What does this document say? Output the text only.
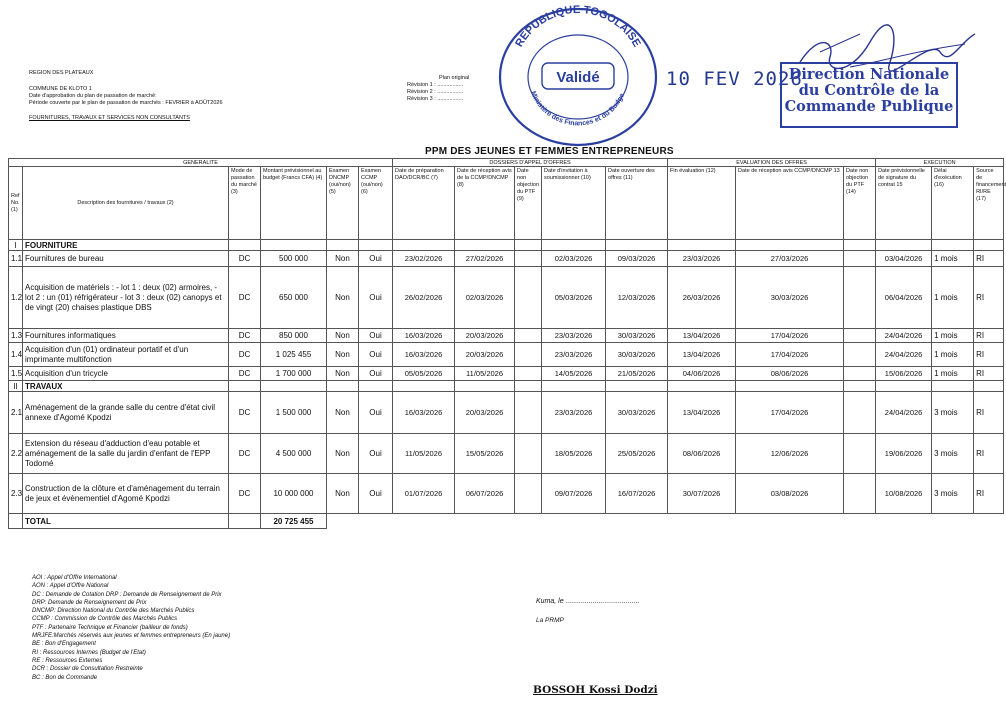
REGION DES PLATEAUX
COMMUNE DE KLOTO 1
Date d'approbation du plan de passation de marché:
Période couverte par le plan de passation de marchés : FEVRIER à AOÛT2026
FOURNITURES, TRAVAUX ET SERVICES NON CONSULTANTS
Plan original
Révision 1 : .................
Révision 2 : .................
Révision 3 : .................
REPUBLIQUE TOGOLAISE
Ministère des Finances et du Budge
Validé	10 FEV 2026
Direction Nationale du Contrôle de la Commande Publique
PPM DES JEUNES ET FEMMES ENTREPRENEURS
GENERALITE						DOSSIERS D'APPEL D'OFFRES					EVALUATION DES OFFRES			EXECUTION		
Ref No. (1)	Description des fournitures / travaux (2)	Mode de passation du marché (3)	Montant prévisionnel au budget (Francs CFA) (4)	Examen DNCMP (oui/non) (5)	Examen CCMP (oui/non) (6)	Date de préparation DAO/DCR/BC (7)	Date de réception avis de la CCMP/DNCMP (8)	Date non objection du PTF (9)	Date d'invitation à soumissionner (10)	Date ouverture des offres (11)	Fin évaluation (12)	Date de réception avis CCMP/DNCMP 13	Date non objection du PTF (14)	Date prévisionnelle de signature du contrat 15	Délai d'exécution (16)	Source de financement RI/RE (17)
I	FOURNITURE															
1.1	Fournitures de bureau	DC	500 000	Non	Oui	23/02/2026	27/02/2026		02/03/2026	09/03/2026	23/03/2026	27/03/2026		03/04/2026	1 mois	RI
1.2	Acquisition de matériels : - lot 1 : deux (02) armoires, - lot 2 : un (01) réfrigérateur - lot 3 : deux (02) canopys et de vingt (20) chaises plastique DBS	DC	650 000	Non	Oui	26/02/2026	02/03/2026		05/03/2026	12/03/2026	26/03/2026	30/03/2026		06/04/2026	1 mois	RI
1.3	Fournitures informatiques	DC	850 000	Non	Oui	16/03/2026	20/03/2026		23/03/2026	30/03/2026	13/04/2026	17/04/2026		24/04/2026	1 mois	RI
1.4	Acquisition d'un (01) ordinateur portatif et d'un imprimante multifonction	DC	1 025 455	Non	Oui	16/03/2026	20/03/2026		23/03/2026	30/03/2026	13/04/2026	17/04/2026		24/04/2026	1 mois	RI
1.5	Acquisition d'un tricycle	DC	1 700 000	Non	Oui	05/05/2026	11/05/2026		14/05/2026	21/05/2026	04/06/2026	08/06/2026		15/06/2026	1 mois	RI
II	TRAVAUX															
2.1	Aménagement de la grande salle du centre d'état civil annexe d'Agomé Kpodzi	DC	1 500 000	Non	Oui	16/03/2026	20/03/2026		23/03/2026	30/03/2026	13/04/2026	17/04/2026		24/04/2026	3 mois	RI
2.2	Extension du réseau d'adduction d'eau potable et aménagement de la salle du jardin d'enfant de l'EPP Todomé	DC	4 500 000	Non	Oui	11/05/2026	15/05/2026		18/05/2026	25/05/2026	08/06/2026	12/06/2026		19/06/2026	3 mois	RI
2.3	Construction de la clôture et d'aménagement du terrain de jeux et évènementiel d'Agomé Kpodzi	DC	10 000 000	Non	Oui	01/07/2026	06/07/2026		09/07/2026	16/07/2026	30/07/2026	03/08/2026		10/08/2026	3 mois	RI
	TOTAL		20 725 455													
AOI : Appel d'Offre International
AON : Appel d'Offre National
DC : Demande de Cotation DRP : Demande de Renseignement de Prix
DRP: Demande de Renseignement de Prix
DNCMP: Direction National du Contrôle des Marchés Publics
CCMP : Commission de Contrôle des Marchés Publics
PTF : Partenaire Technique et Financier (bailleur de fonds)
MRJFE:Marchés réservés aux jeunes et femmes entrepreneurs (En jaune)
BE : Bon d'Engagement
RI : Ressources Internes (Budget de l'Etat)
RE : Ressources Externes
DCR : Dossier de Consultation Restreinte
BC : Bon de Commande
Kuma, le ......................................
La PRMP
BOSSOH Kossi Dodzi
